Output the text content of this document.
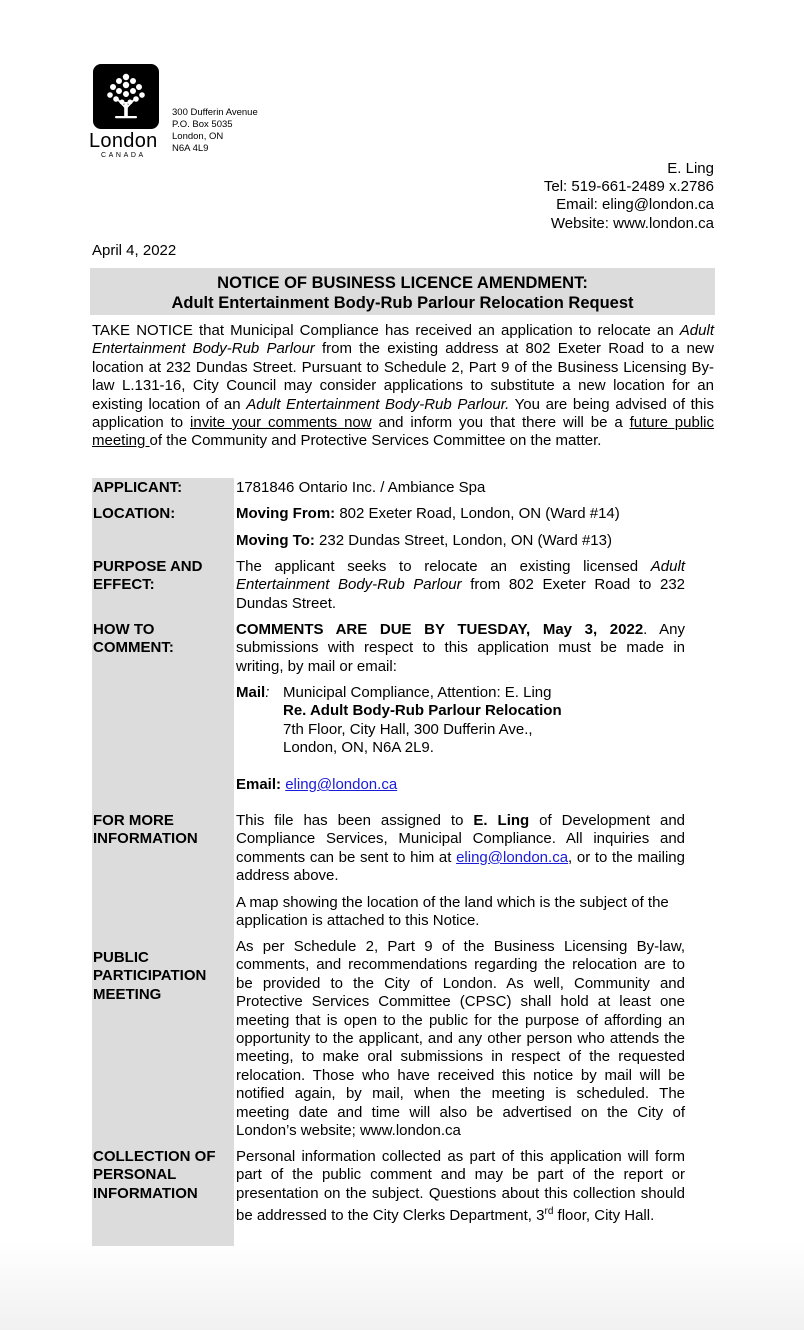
London
CANADA
300 Dufferin Avenue
P.O. Box 5035
London, ON
N6A 4L9
E. Ling
Tel: 519-661-2489 x.2786
Email: eling@london.ca
Website: www.london.ca
April 4, 2022
NOTICE OF BUSINESS LICENCE AMENDMENT:
Adult Entertainment Body-Rub Parlour Relocation Request
TAKE NOTICE that Municipal Compliance has received an application to relocate an Adult Entertainment Body-Rub Parlour from the existing address at 802 Exeter Road to a new location at 232 Dundas Street. Pursuant to Schedule 2, Part 9 of the Business Licensing By-law L.131-16, City Council may consider applications to substitute a new location for an existing location of an Adult Entertainment Body-Rub Parlour. You are being advised of this application to invite your comments now and inform you that there will be a future public meeting of the Community and Protective Services Committee on the matter.
APPLICANT:	1781846 Ontario Inc. / Ambiance Spa
LOCATION:	Moving From: 802 Exeter Road, London, ON (Ward #14)
Moving To: 232 Dundas Street, London, ON (Ward #13)
PURPOSE AND
EFFECT:
The applicant seeks to relocate an existing licensed Adult Entertainment Body-Rub Parlour from 802 Exeter Road to 232 Dundas Street.
HOW TO
COMMENT:
COMMENTS ARE DUE BY TUESDAY, May 3, 2022. Any submissions with respect to this application must be made in writing, by mail or email:
Mail: Municipal Compliance, Attention: E. Ling
Re. Adult Body-Rub Parlour Relocation
7th Floor, City Hall, 300 Dufferin Ave.,
London, ON, N6A 2L9.
Email: eling@london.ca
FOR MORE
INFORMATION
This file has been assigned to E. Ling of Development and Compliance Services, Municipal Compliance. All inquiries and comments can be sent to him at eling@london.ca, or to the mailing address above.
A map showing the location of the land which is the subject of the application is attached to this Notice.
PUBLIC
PARTICIPATION
MEETING
As per Schedule 2, Part 9 of the Business Licensing By-law, comments, and recommendations regarding the relocation are to be provided to the City of London. As well, Community and Protective Services Committee (CPSC) shall hold at least one meeting that is open to the public for the purpose of affording an opportunity to the applicant, and any other person who attends the meeting, to make oral submissions in respect of the requested relocation. Those who have received this notice by mail will be notified again, by mail, when the meeting is scheduled. The meeting date and time will also be advertised on the City of London’s website; www.london.ca
COLLECTION OF
PERSONAL
INFORMATION
Personal information collected as part of this application will form part of the public comment and may be part of the report or presentation on the subject. Questions about this collection should be addressed to the City Clerks Department, 3rd floor, City Hall.
